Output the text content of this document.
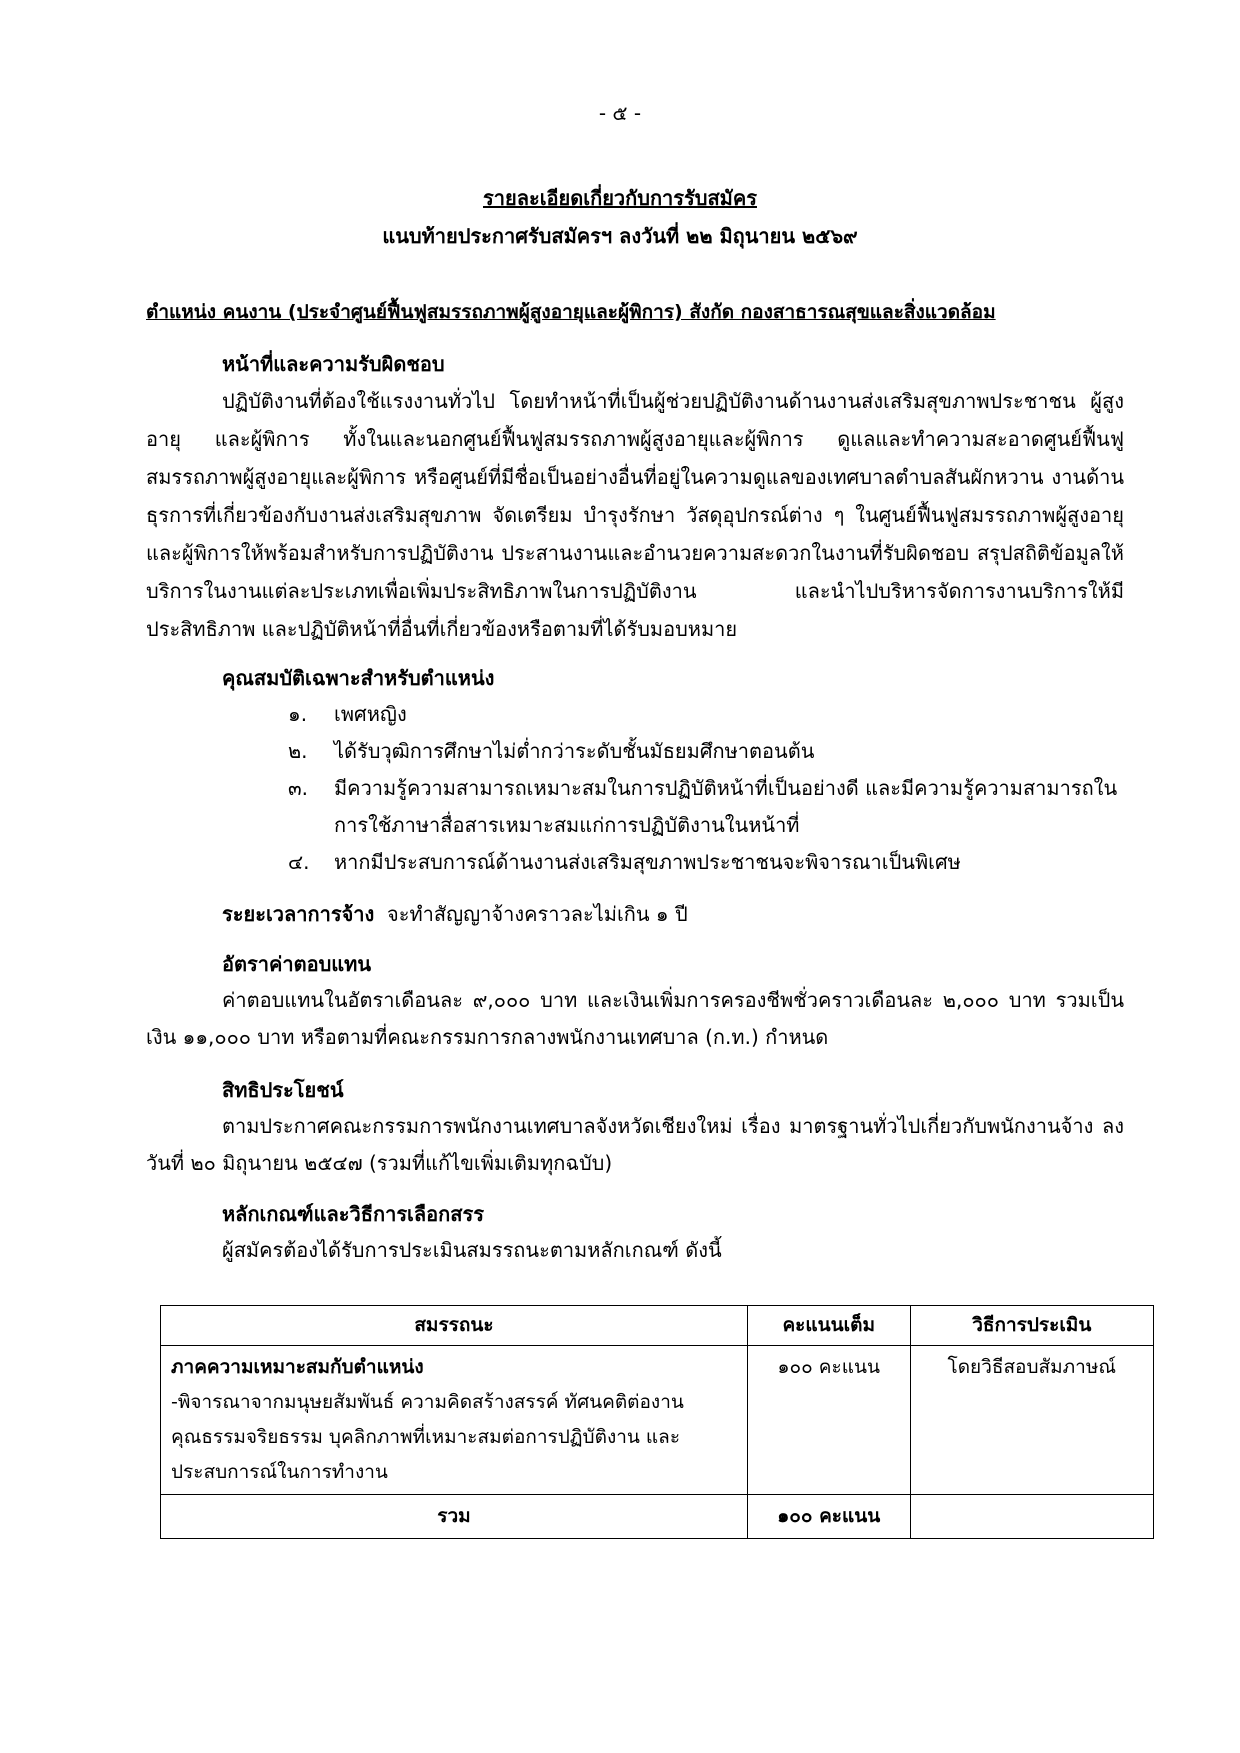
- ๕ -
รายละเอียดเกี่ยวกับการรับสมัคร
แนบท้ายประกาศรับสมัครฯ ลงวันที่ ๒๒ มิถุนายน ๒๕๖๙
ตำแหน่ง คนงาน (ประจำศูนย์ฟื้นฟูสมรรถภาพผู้สูงอายุและผู้พิการ) สังกัด กองสาธารณสุขและสิ่งแวดล้อม
หน้าที่และความรับผิดชอบ

ปฏิบัติงานที่ต้องใช้แรงงานทั่วไป โดยทำหน้าที่เป็นผู้ช่วยปฏิบัติงานด้านงานส่งเสริมสุขภาพประชาชน ผู้สูงอายุ และผู้พิการ ทั้งในและนอกศูนย์ฟื้นฟูสมรรถภาพผู้สูงอายุและผู้พิการ ดูแลและทำความสะอาดศูนย์ฟื้นฟูสมรรถภาพผู้สูงอายุและผู้พิการ หรือศูนย์ที่มีชื่อเป็นอย่างอื่นที่อยู่ในความดูแลของเทศบาลตำบลสันผักหวาน งานด้านธุรการที่เกี่ยวข้องกับงานส่งเสริมสุขภาพ จัดเตรียม บำรุงรักษา วัสดุอุปกรณ์ต่าง ๆ ในศูนย์ฟื้นฟูสมรรถภาพผู้สูงอายุและผู้พิการให้พร้อมสำหรับการปฏิบัติงาน ประสานงานและอำนวยความสะดวกในงานที่รับผิดชอบ สรุปสถิติข้อมูลให้บริการในงานแต่ละประเภทเพื่อเพิ่มประสิทธิภาพในการปฏิบัติงาน และนำไปบริหารจัดการงานบริการให้มีประสิทธิภาพ และปฏิบัติหน้าที่อื่นที่เกี่ยวข้องหรือตามที่ได้รับมอบหมาย

คุณสมบัติเฉพาะสำหรับตำแหน่ง
๑. เพศหญิง
๒. ได้รับวุฒิการศึกษาไม่ต่ำกว่าระดับชั้นมัธยมศึกษาตอนต้น
๓. มีความรู้ความสามารถเหมาะสมในการปฏิบัติหน้าที่เป็นอย่างดี และมีความรู้ความสามารถในการใช้ภาษาสื่อสารเหมาะสมแก่การปฏิบัติงานในหน้าที่
๔. หากมีประสบการณ์ด้านงานส่งเสริมสุขภาพประชาชนจะพิจารณาเป็นพิเศษ
ระยะเวลาการจ้าง จะทำสัญญาจ้างคราวละไม่เกิน ๑ ปี
อัตราค่าตอบแทน

ค่าตอบแทนในอัตราเดือนละ ๙,๐๐๐ บาท และเงินเพิ่มการครองชีพชั่วคราวเดือนละ ๒,๐๐๐ บาท รวมเป็นเงิน ๑๑,๐๐๐ บาท หรือตามที่คณะกรรมการกลางพนักงานเทศบาล (ก.ท.) กำหนด

สิทธิประโยชน์

ตามประกาศคณะกรรมการพนักงานเทศบาลจังหวัดเชียงใหม่ เรื่อง มาตรฐานทั่วไปเกี่ยวกับพนักงานจ้าง ลงวันที่ ๒๐ มิถุนายน ๒๕๔๗ (รวมที่แก้ไขเพิ่มเติมทุกฉบับ)

หลักเกณฑ์และวิธีการเลือกสรร
ผู้สมัครต้องได้รับการประเมินสมรรถนะตามหลักเกณฑ์ ดังนี้
สมรรถนะ	คะแนนเต็ม	วิธีการประเมิน

ภาคความเหมาะสมกับตำแหน่ง
-พิจารณาจากมนุษยสัมพันธ์ ความคิดสร้างสรรค์ ทัศนคติต่องาน คุณธรรมจริยธรรม บุคลิกภาพที่เหมาะสมต่อการปฏิบัติงาน และประสบการณ์ในการทำงาน	๑๐๐ คะแนน	โดยวิธีสอบสัมภาษณ์
รวม	๑๐๐ คะแนน	
